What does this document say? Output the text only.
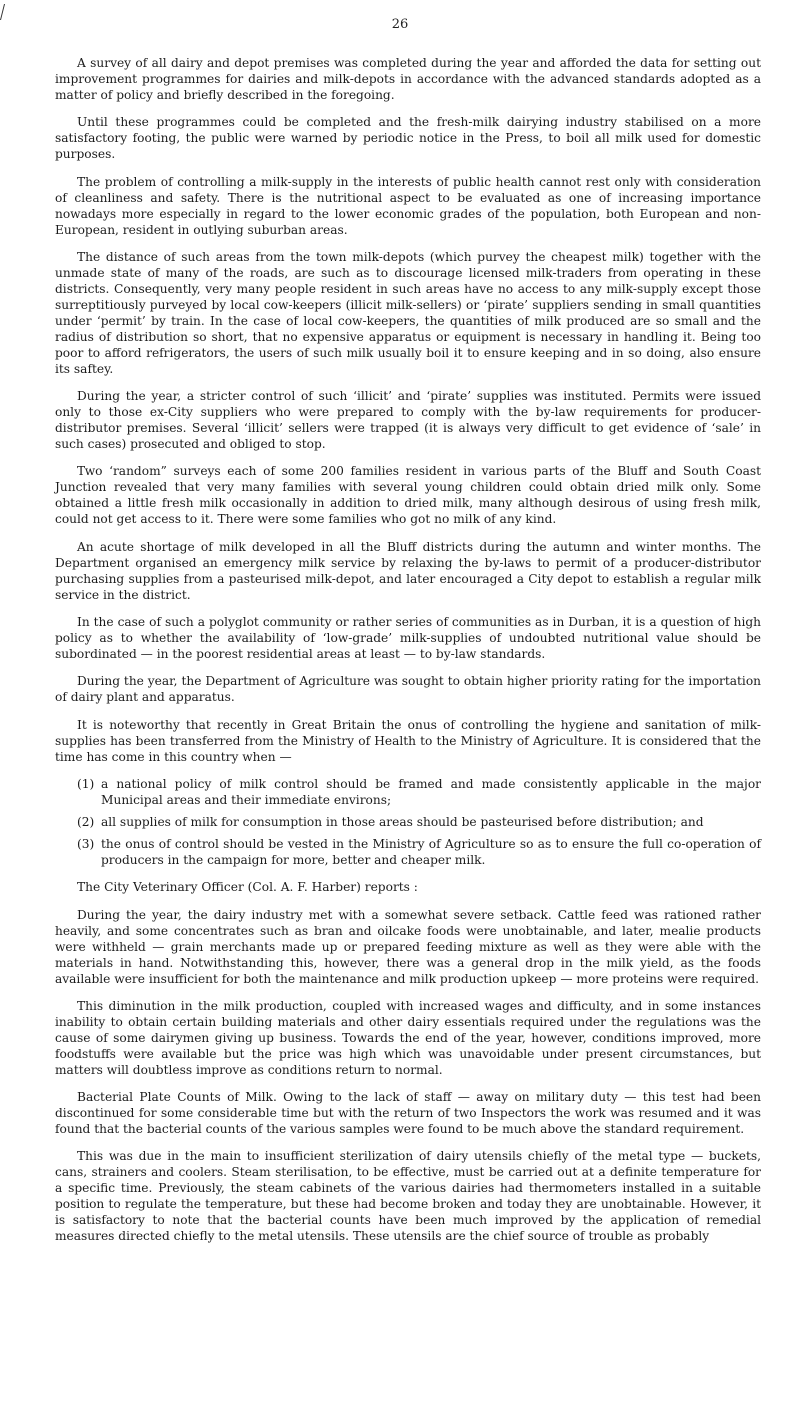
26

A survey of all dairy and depot premises was completed during the year and afforded the data for setting out improvement programmes for dairies and milk-depots in accordance with the advanced standards adopted as a matter of policy and briefly described in the foregoing.

Until these programmes could be completed and the fresh-milk dairying industry stabilised on a more satisfactory footing, the public were warned by periodic notice in the Press, to boil all milk used for domestic purposes.

The problem of controlling a milk-supply in the interests of public health cannot rest only with consideration of cleanliness and safety. There is the nutritional aspect to be evaluated as one of increasing importance nowadays more especially in regard to the lower economic grades of the population, both European and non-European, resident in outlying suburban areas.

The distance of such areas from the town milk-depots (which purvey the cheapest milk) together with the unmade state of many of the roads, are such as to discourage licensed milk-traders from operating in these districts. Consequently, very many people resident in such areas have no access to any milk-supply except those surreptitiously purveyed by local cow-keepers (illicit milk-sellers) or ‘pirate’ suppliers sending in small quantities under ‘permit’ by train. In the case of local cow-keepers, the quantities of milk produced are so small and the radius of distribution so short, that no expensive apparatus or equipment is necessary in handling it. Being too poor to afford refrigerators, the users of such milk usually boil it to ensure keeping and in so doing, also ensure its saftey.

During the year, a stricter control of such ‘illicit’ and ‘pirate’ supplies was instituted. Permits were issued only to those ex-City suppliers who were prepared to comply with the by-law requirements for producer-distributor premises. Several ‘illicit’ sellers were trapped (it is always very difficult to get evidence of ‘sale’ in such cases) prosecuted and obliged to stop.

Two ‘random” surveys each of some 200 families resident in various parts of the Bluff and South Coast Junction revealed that very many families with several young children could obtain dried milk only. Some obtained a little fresh milk occasionally in addition to dried milk, many although desirous of using fresh milk, could not get access to it. There were some families who got no milk of any kind.

An acute shortage of milk developed in all the Bluff districts during the autumn and winter months. The Department organised an emergency milk service by relaxing the by-laws to permit of a producer-distributor purchasing supplies from a pasteurised milk-depot, and later encouraged a City depot to establish a regular milk service in the district.

In the case of such a polyglot community or rather series of communities as in Durban, it is a question of high policy as to whether the availability of ‘low-grade’ milk-supplies of undoubted nutritional value should be subordinated — in the poorest residential areas at least — to by-law standards.

During the year, the Department of Agriculture was sought to obtain higher priority rating for the importation of dairy plant and apparatus.

It is noteworthy that recently in Great Britain the onus of controlling the hygiene and sanitation of milk-supplies has been transferred from the Ministry of Health to the Ministry of Agriculture. It is considered that the time has come in this country when —

(1) a national policy of milk control should be framed and made consistently applicable in the major Municipal areas and their immediate environs;
(2) all supplies of milk for consumption in those areas should be pasteurised before distribution; and
(3) the onus of control should be vested in the Ministry of Agriculture so as to ensure the full co-operation of producers in the campaign for more, better and cheaper milk.

The City Veterinary Officer (Col. A. F. Harber) reports :

During the year, the dairy industry met with a somewhat severe setback. Cattle feed was rationed rather heavily, and some concentrates such as bran and oilcake foods were unobtainable, and later, mealie products were withheld — grain merchants made up or prepared feeding mixture as well as they were able with the materials in hand. Notwithstanding this, however, there was a general drop in the milk yield, as the foods available were insufficient for both the maintenance and milk production upkeep — more proteins were required.

This diminution in the milk production, coupled with increased wages and difficulty, and in some instances inability to obtain certain building materials and other dairy essentials required under the regulations was the cause of some dairymen giving up business. Towards the end of the year, however, conditions improved, more foodstuffs were available but the price was high which was unavoidable under present circumstances, but matters will doubtless improve as conditions return to normal.

Bacterial Plate Counts of Milk. Owing to the lack of staff — away on military duty — this test had been discontinued for some considerable time but with the return of two Inspectors the work was resumed and it was found that the bacterial counts of the various samples were found to be much above the standard requirement.

This was due in the main to insufficient sterilization of dairy utensils chiefly of the metal type — buckets, cans, strainers and coolers. Steam sterilisation, to be effective, must be carried out at a definite temperature for a specific time. Previously, the steam cabinets of the various dairies had thermometers installed in a suitable position to regulate the temperature, but these had become broken and today they are unobtainable. However, it is satisfactory to note that the bacterial counts have been much improved by the application of remedial measures directed chiefly to the metal utensils. These utensils are the chief source of trouble as probably
